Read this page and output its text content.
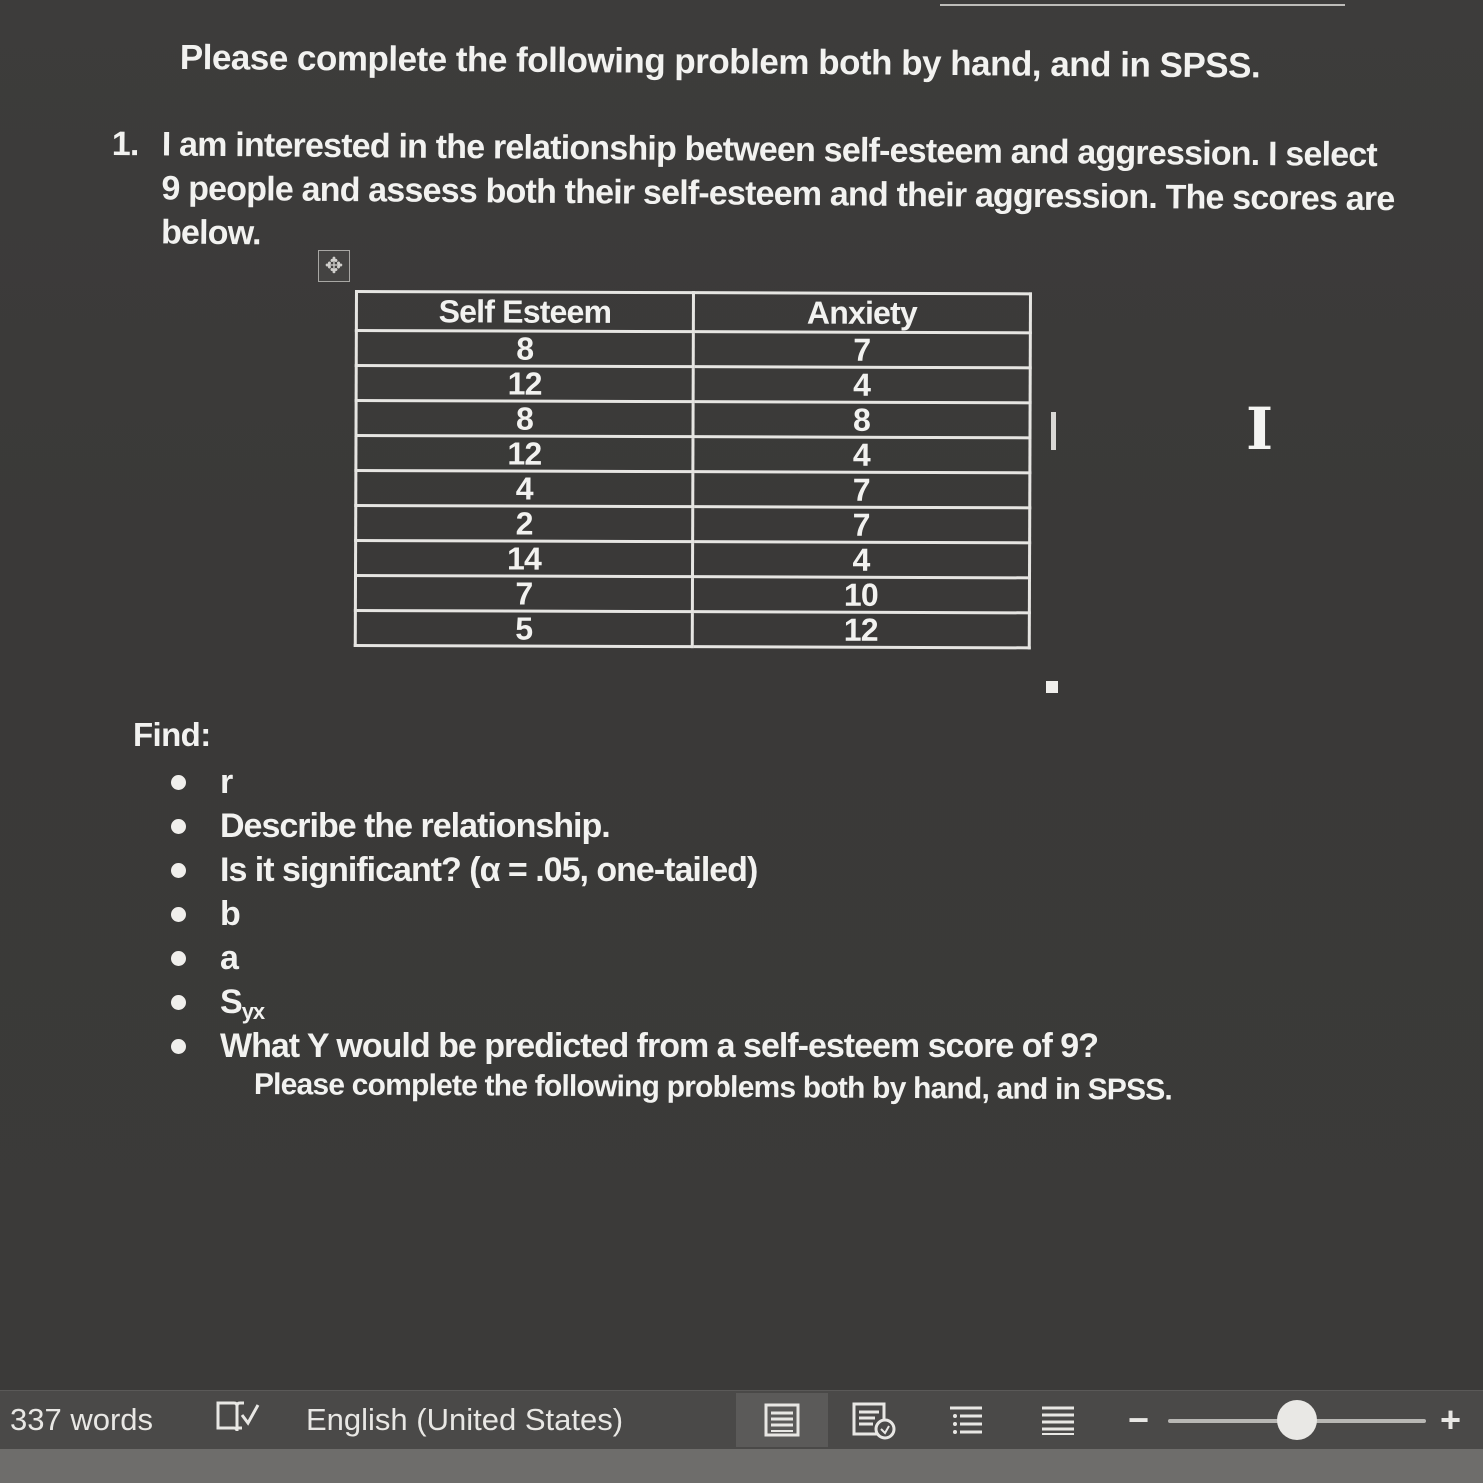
Please complete the following problem both by hand, and in SPSS.
1. I am interested in the relationship between self-esteem and aggression. I select
9 people and assess both their self-esteem and their aggression. The scores are
below.
✥
Self Esteem	Anxiety
8	7
12	4
8	8
12	4
4	7
2	7
14	4
7	10
5	12
Ⅰ
Find:
r
Describe the relationship.
Is it significant? (α = .05, one-tailed)
b
a
Syx
What Y would be predicted from a self-esteem score of 9?
Please complete the following problems both by hand, and in SPSS.
337 words	English (United States)	−	+
